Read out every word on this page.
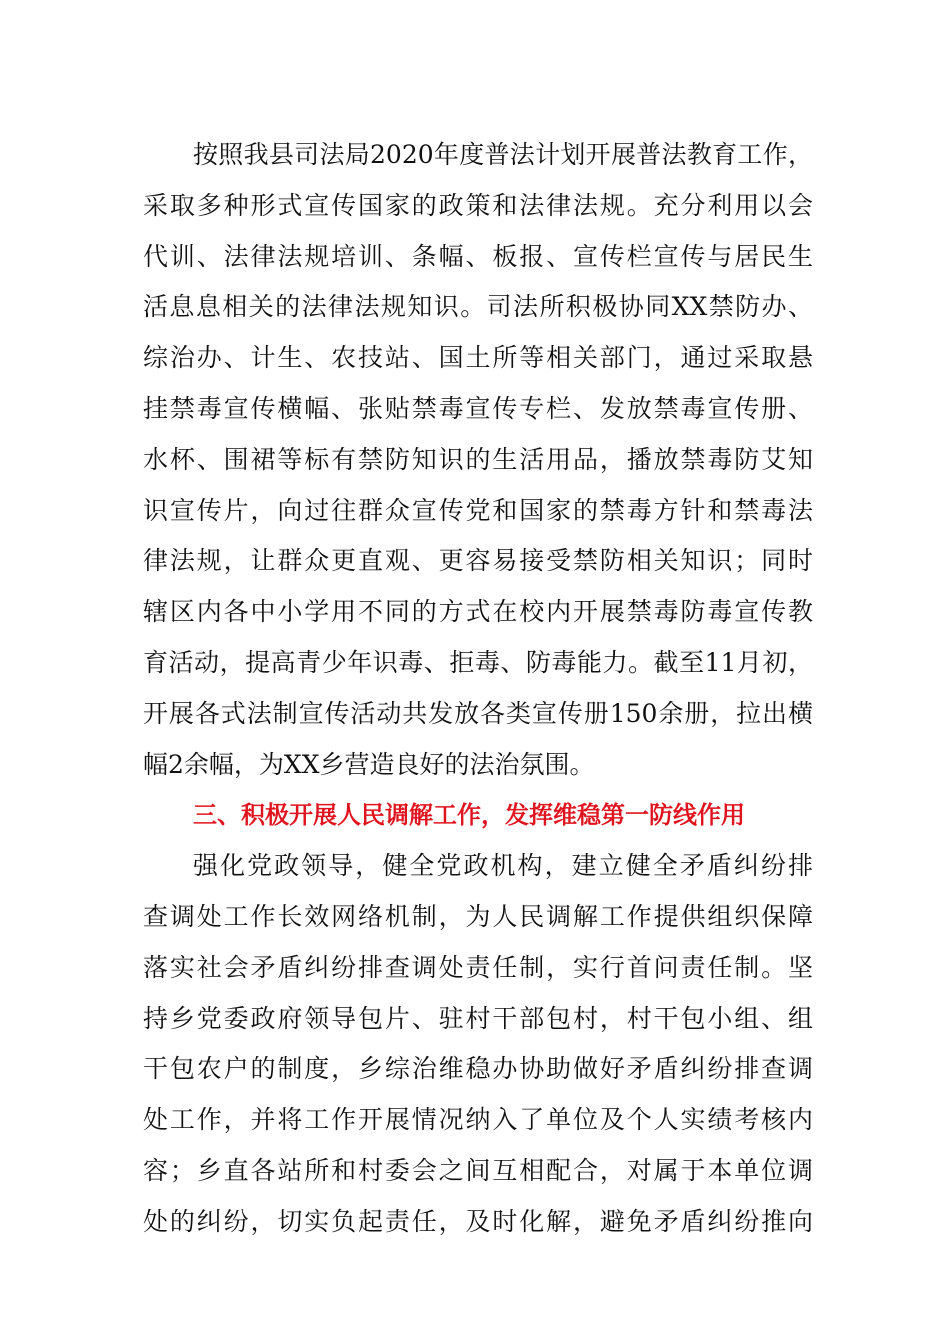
按照我县司法局2020年度普法计划开展普法教育工作，
采取多种形式宣传国家的政策和法律法规。充分利用以会
代训、法律法规培训、条幅、板报、宣传栏宣传与居民生
活息息相关的法律法规知识。司法所积极协同XX禁防办、
综治办、计生、农技站、国土所等相关部门，通过采取悬
挂禁毒宣传横幅、张贴禁毒宣传专栏、发放禁毒宣传册、
水杯、围裙等标有禁防知识的生活用品，播放禁毒防艾知
识宣传片，向过往群众宣传党和国家的禁毒方针和禁毒法
律法规，让群众更直观、更容易接受禁防相关知识；同时
辖区内各中小学用不同的方式在校内开展禁毒防毒宣传教
育活动，提高青少年识毒、拒毒、防毒能力。截至11月初，
开展各式法制宣传活动共发放各类宣传册150余册，拉出横
幅2余幅，为XX乡营造良好的法治氛围。
三、积极开展人民调解工作，发挥维稳第一防线作用
强化党政领导，健全党政机构，建立健全矛盾纠纷排
查调处工作长效网络机制，为人民调解工作提供组织保障
落实社会矛盾纠纷排查调处责任制，实行首问责任制。坚
持乡党委政府领导包片、驻村干部包村，村干包小组、组
干包农户的制度，乡综治维稳办协助做好矛盾纠纷排查调
处工作，并将工作开展情况纳入了单位及个人实绩考核内
容；乡直各站所和村委会之间互相配合，对属于本单位调
处的纠纷，切实负起责任，及时化解，避免矛盾纠纷推向
